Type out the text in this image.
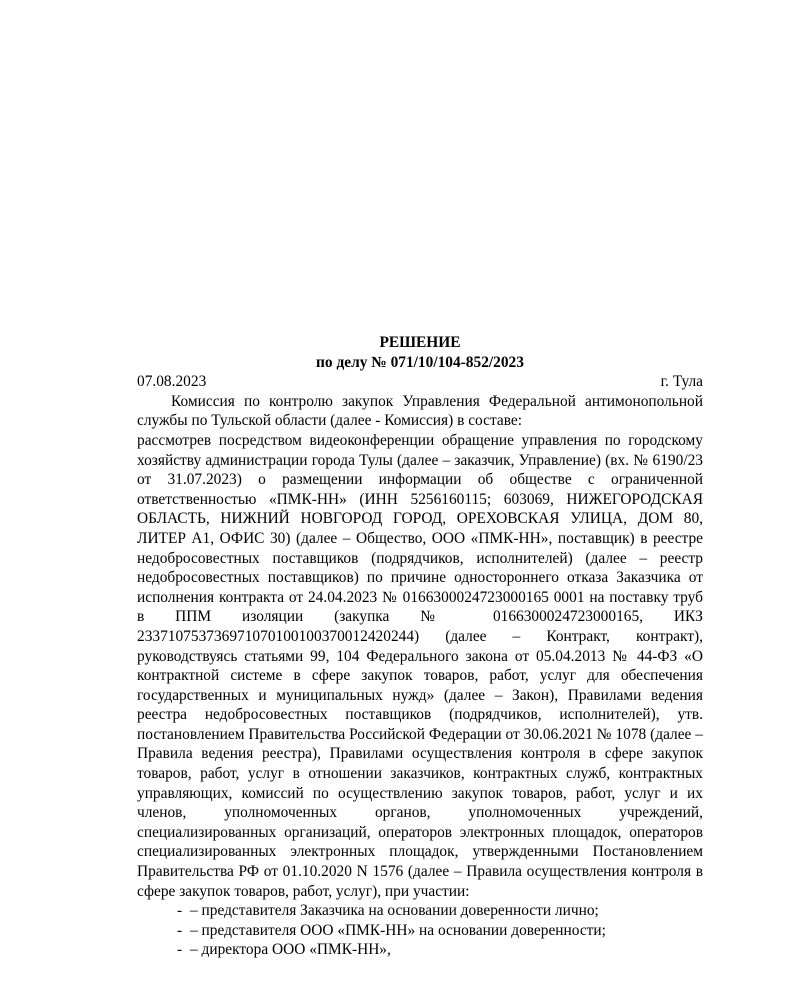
РЕШЕНИЕ

по делу № 071/10/104-852/2023

07.08.2023	г. Тула

Комиссия по контролю закупок Управления Федеральной антимонопольной службы по Тульской области (далее - Комиссия) в составе:

рассмотрев посредством видеоконференции обращение управления по городскому хозяйству администрации города Тулы (далее – заказчик, Управление) (вх. № 6190/23 от 31.07.2023) о размещении информации об обществе с ограниченной ответственностью «ПМК-НН» (ИНН 5256160115; 603069, НИЖЕГОРОДСКАЯ ОБЛАСТЬ, НИЖНИЙ НОВГОРОД ГОРОД, ОРЕХОВСКАЯ УЛИЦА, ДОМ 80, ЛИТЕР А1, ОФИС 30) (далее – Общество, ООО «ПМК-НН», поставщик) в реестре недобросовестных поставщиков (подрядчиков, исполнителей) (далее – реестр недобросовестных поставщиков) по причине одностороннего отказа Заказчика от исполнения контракта от 24.04.2023 № 0166300024723000165 0001 на поставку труб в ППМ изоляции (закупка № 0166300024723000165, ИКЗ 233710753736971070100100370012420244) (далее – Контракт, контракт), руководствуясь статьями 99, 104 Федерального закона от 05.04.2013 № 44-ФЗ «О контрактной системе в сфере закупок товаров, работ, услуг для обеспечения государственных и муниципальных нужд» (далее – Закон), Правилами ведения реестра недобросовестных поставщиков (подрядчиков, исполнителей), утв. постановлением Правительства Российской Федерации от 30.06.2021 № 1078 (далее – Правила ведения реестра), Правилами осуществления контроля в сфере закупок товаров, работ, услуг в отношении заказчиков, контрактных служб, контрактных управляющих, комиссий по осуществлению закупок товаров, работ, услуг и их членов, уполномоченных органов, уполномоченных учреждений, специализированных организаций, операторов электронных площадок, операторов специализированных электронных площадок, утвержденными Постановлением Правительства РФ от 01.10.2020 N 1576 (далее – Правила осуществления контроля в сфере закупок товаров, работ, услуг), при участии:

- – представителя Заказчика на основании доверенности лично;
- – представителя ООО «ПМК-НН» на основании доверенности;
- – директора ООО «ПМК-НН»,
